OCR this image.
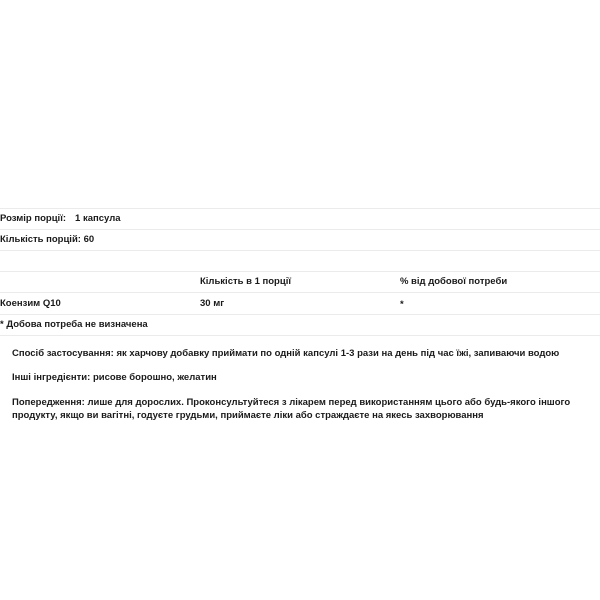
Розмір порції: 1 капсула		
Кількість порцій: 60		

	Кількість в 1 порції	% від добової потреби
Коензим Q10	30 мг	*
* Добова потреба не визначена		

Спосіб застосування: як харчову добавку приймати по одній капсулі 1-3 рази на день під час їжі, запиваючи водою

Інші інгредієнти: рисове борошно, желатин

Попередження: лише для дорослих. Проконсультуйтеся з лікарем перед використанням цього або будь-якого іншого продукту, якщо ви вагітні, годуєте грудьми, приймаєте ліки або страждаєте на якесь захворювання
